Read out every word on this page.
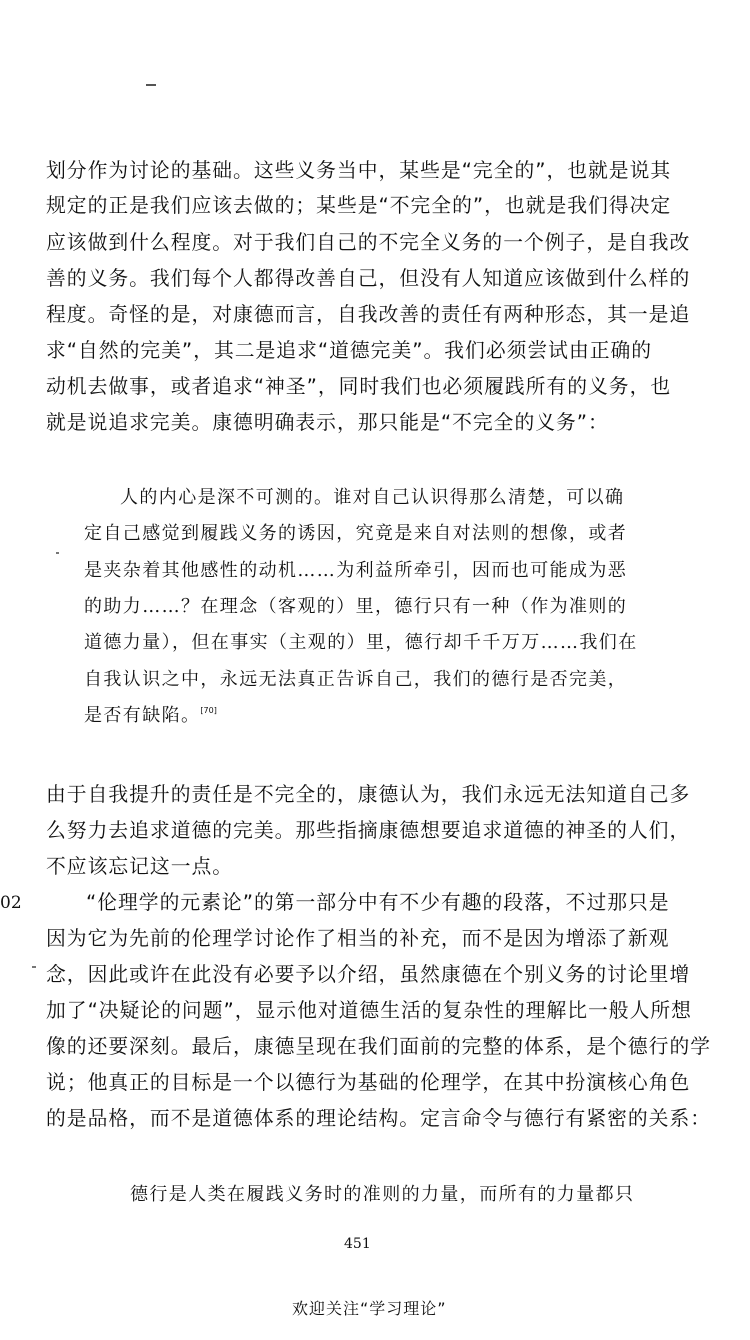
划分作为讨论的基础。这些义务当中，某些是“完全的”，也就是说其
规定的正是我们应该去做的；某些是“不完全的”，也就是我们得决定
应该做到什么程度。对于我们自己的不完全义务的一个例子，是自我改
善的义务。我们每个人都得改善自己，但没有人知道应该做到什么样的
程度。奇怪的是，对康德而言，自我改善的责任有两种形态，其一是追
求“自然的完美”，其二是追求“道德完美”。我们必须尝试由正确的
动机去做事，或者追求“神圣”，同时我们也必须履践所有的义务，也
就是说追求完美。康德明确表示，那只能是“不完全的义务”：
人的内心是深不可测的。谁对自己认识得那么清楚，可以确
定自己感觉到履践义务的诱因，究竟是来自对法则的想像，或者
是夹杂着其他感性的动机……为利益所牵引，因而也可能成为恶
的助力……？在理念（客观的）里，德行只有一种（作为准则的
道德力量），但在事实（主观的）里，德行却千千万万……我们在
自我认识之中，永远无法真正告诉自己，我们的德行是否完美，
是否有缺陷。[70]
由于自我提升的责任是不完全的，康德认为，我们永远无法知道自己多
么努力去追求道德的完美。那些指摘康德想要追求道德的神圣的人们，
不应该忘记这一点。
02	“伦理学的元素论”的第一部分中有不少有趣的段落，不过那只是
因为它为先前的伦理学讨论作了相当的补充，而不是因为增添了新观
念，因此或许在此没有必要予以介绍，虽然康德在个别义务的讨论里增
加了“决疑论的问题”，显示他对道德生活的复杂性的理解比一般人所想
像的还要深刻。最后，康德呈现在我们面前的完整的体系，是个德行的学
说；他真正的目标是一个以德行为基础的伦理学，在其中扮演核心角色
的是品格，而不是道德体系的理论结构。定言命令与德行有紧密的关系：
德行是人类在履践义务时的准则的力量，而所有的力量都只
451
欢迎关注“学习理论”
